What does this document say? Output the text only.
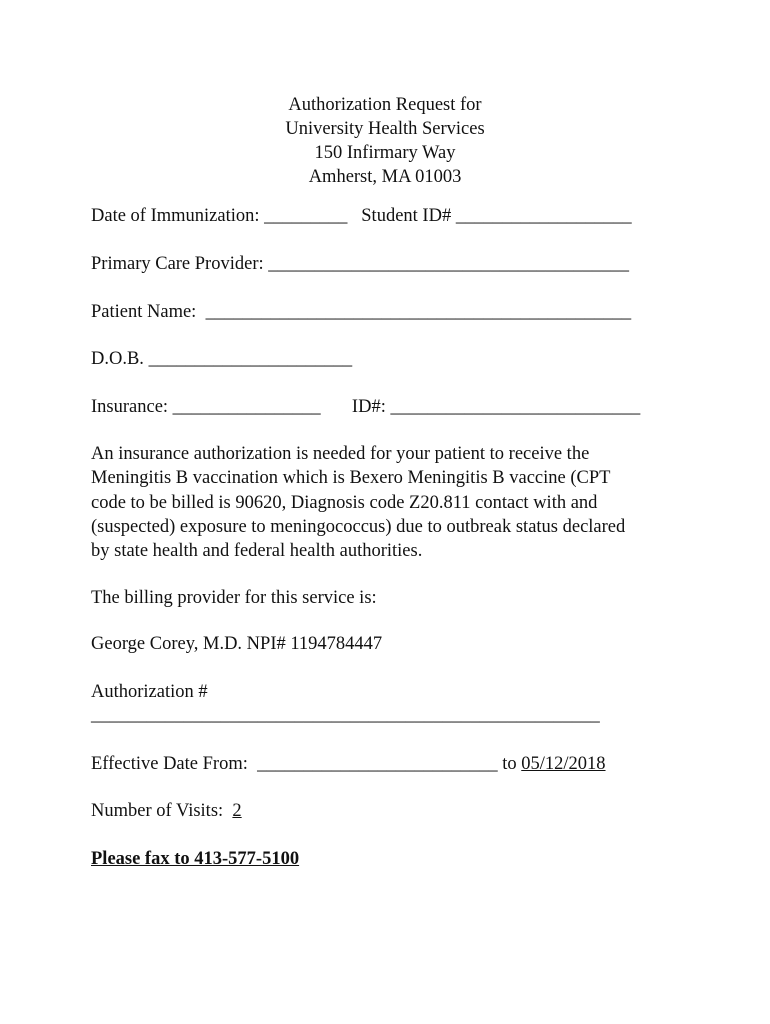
Authorization Request for
University Health Services
150 Infirmary Way
Amherst, MA 01003
Date of Immunization: _________ Student ID# ___________________
Primary Care Provider: _______________________________________
Patient Name: ______________________________________________
D.O.B. ______________________
Insurance: ________________ ID#: ___________________________
An insurance authorization is needed for your patient to receive the
Meningitis B vaccination which is Bexero Meningitis B vaccine (CPT
code to be billed is 90620, Diagnosis code Z20.811 contact with and
(suspected) exposure to meningococcus) due to outbreak status declared
by state health and federal health authorities.
The billing provider for this service is:
George Corey, M.D. NPI# 1194784447
Authorization #
_______________________________________________________
Effective Date From: __________________________ to 05/12/2018
Number of Visits: 2
Please fax to 413-577-5100
